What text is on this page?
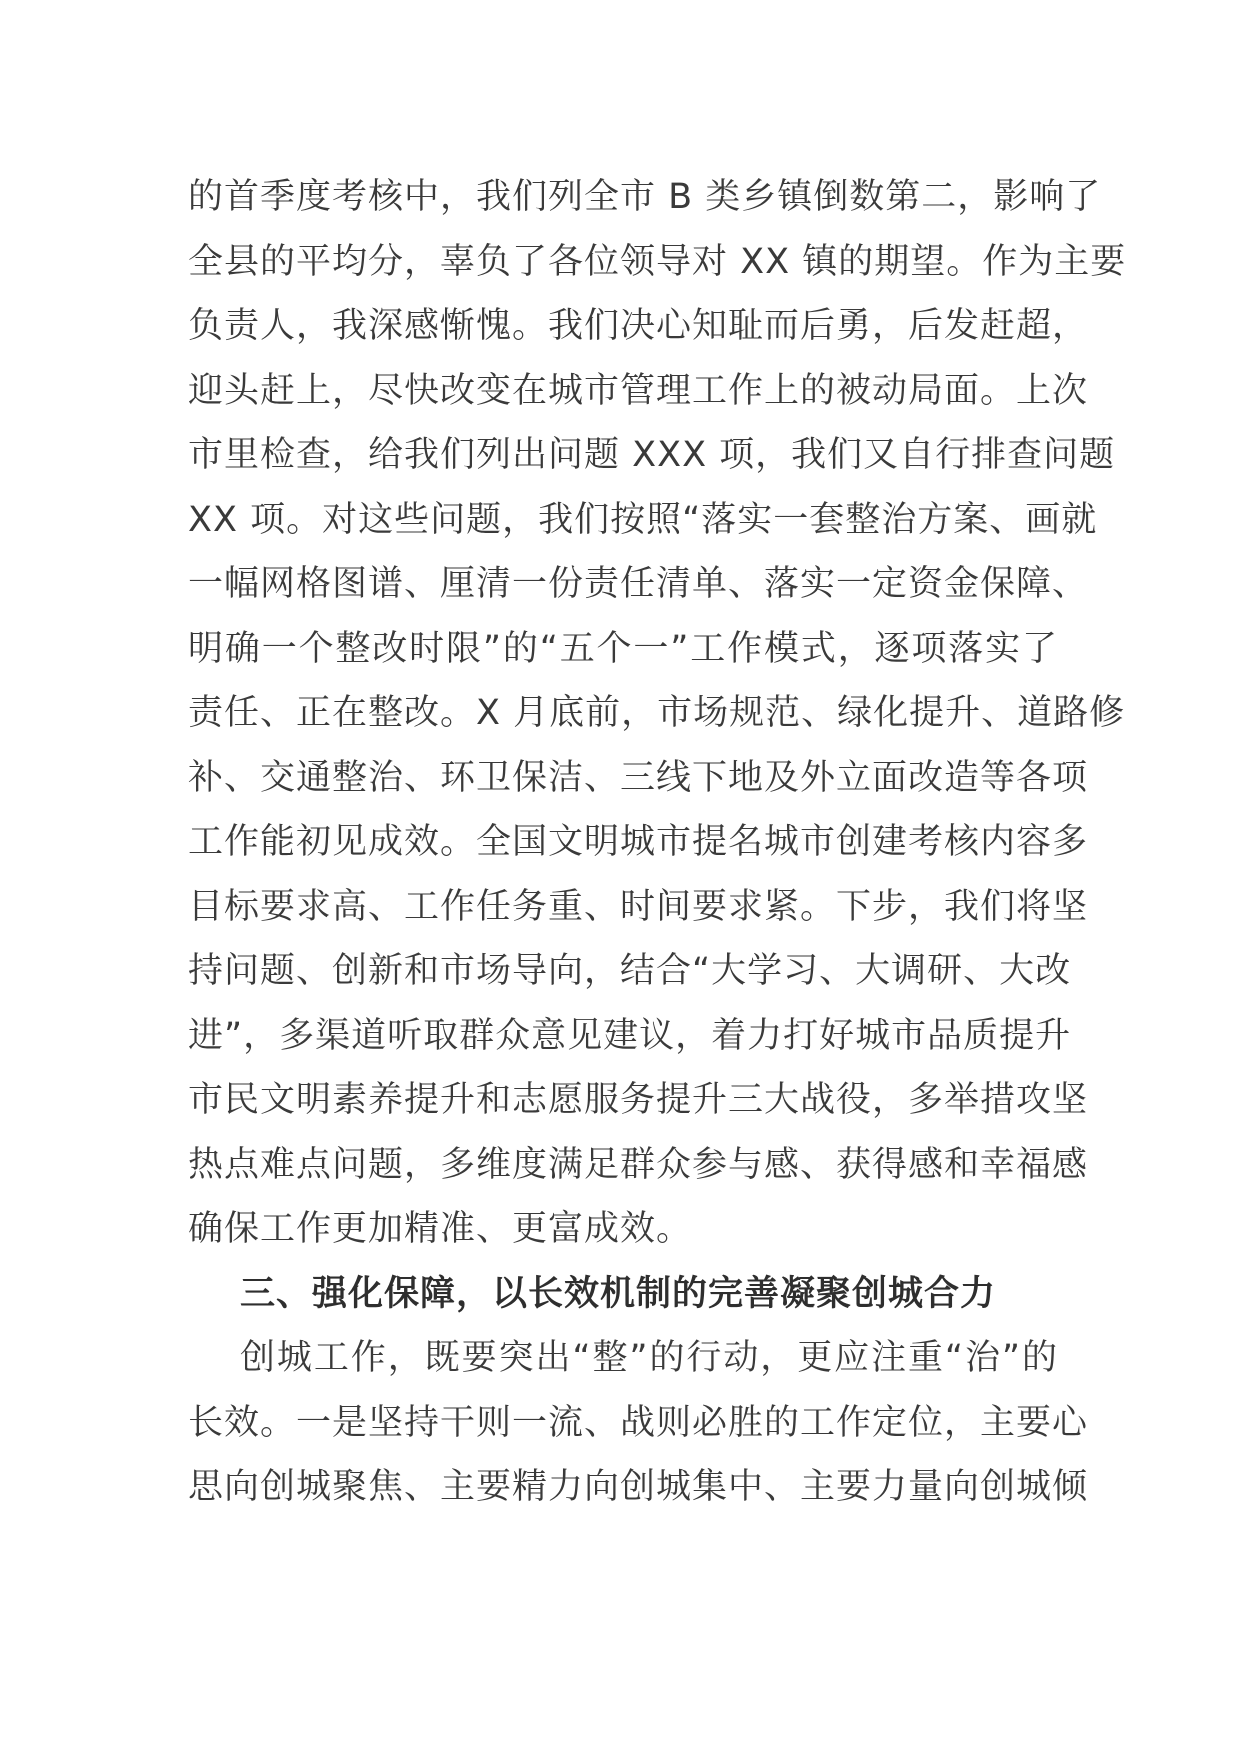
的首季度考核中，我们列全市 B 类乡镇倒数第二，影响了
全县的平均分，辜负了各位领导对 XX 镇的期望。作为主要
负责人，我深感惭愧。我们决心知耻而后勇，后发赶超，
迎头赶上，尽快改变在城市管理工作上的被动局面。上次
市里检查，给我们列出问题 XXX 项，我们又自行排查问题
XX 项。对这些问题，我们按照“落实一套整治方案、画就
一幅网格图谱、厘清一份责任清单、落实一定资金保障、
明确一个整改时限”的“五个一”工作模式，逐项落实了
责任、正在整改。X 月底前，市场规范、绿化提升、道路修
补、交通整治、环卫保洁、三线下地及外立面改造等各项
工作能初见成效。全国文明城市提名城市创建考核内容多
目标要求高、工作任务重、时间要求紧。下步，我们将坚
持问题、创新和市场导向，结合“大学习、大调研、大改
进”，多渠道听取群众意见建议，着力打好城市品质提升
市民文明素养提升和志愿服务提升三大战役，多举措攻坚
热点难点问题，多维度满足群众参与感、获得感和幸福感
确保工作更加精准、更富成效。
三、强化保障，以长效机制的完善凝聚创城合力
创城工作，既要突出“整”的行动，更应注重“治”的
长效。一是坚持干则一流、战则必胜的工作定位，主要心
思向创城聚焦、主要精力向创城集中、主要力量向创城倾
